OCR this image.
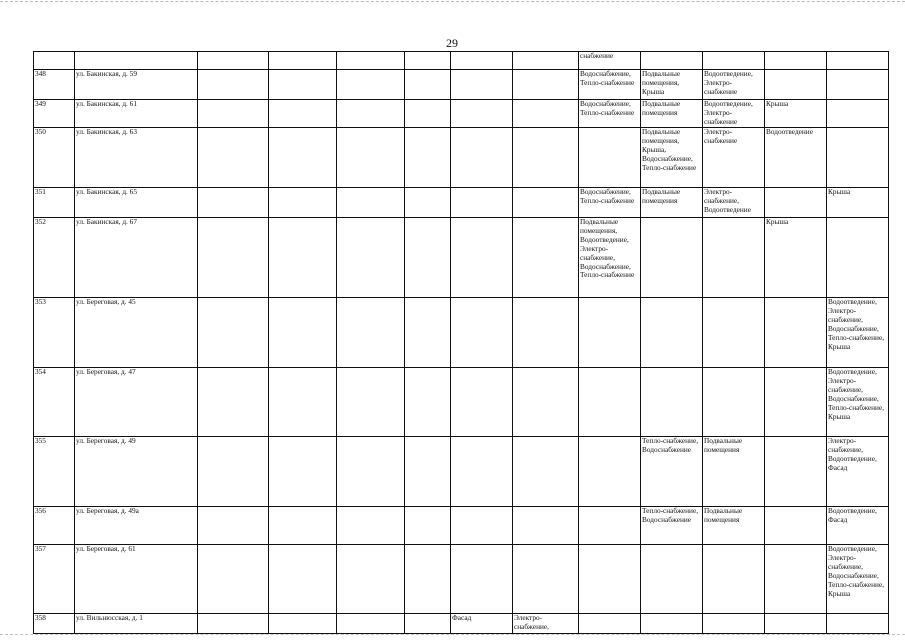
29
								снабжение				
348	ул. Бакинская, д. 59							Водоснабжение, Тепло-снабжение	Подвальные помещения, Крыша	Водоотведение, Электро-снабжение		
349	ул. Бакинская, д. 61							Водоснабжение, Тепло-снабжение	Подвальные помещения	Водоотведение, Электро-снабжение	Крыша	
350	ул. Бакинская, д. 63								Подвальные помещения, Крыша, Водоснабжение, Тепло-снабжение	Электро-снабжение	Водоотведение	
351	ул. Бакинская, д. 65							Водоснабжение, Тепло-снабжение	Подвальные помещения	Электро-снабжение, Водоотведение		Крыша
352	ул. Бакинская, д. 67							Подвальные помещения, Водоотведение, Электро-снабжение, Водоснабжение, Тепло-снабжение			Крыша	
353	ул. Береговая, д. 45											Водоотведение, Электро-снабжение, Водоснабжение, Тепло-снабжение, Крыша
354	ул. Береговая, д. 47											Водоотведение, Электро-снабжение, Водоснабжение, Тепло-снабжение, Крыша
355	ул. Береговая, д. 49								Тепло-снабжение, Водоснабжение	Подвальные помещения		Электро-снабжение, Водоотведение, Фасад
356	ул. Береговая, д. 49а								Тепло-снабжение, Водоснабжение	Подвальные помещения		Водоотведение, Фасад
357	ул. Береговая, д. 61											Водоотведение, Электро-снабжение, Водоснабжение, Тепло-снабжение, Крыша
358	ул. Вильнюсская, д. 1					Фасад	Электро-снабжение,					
